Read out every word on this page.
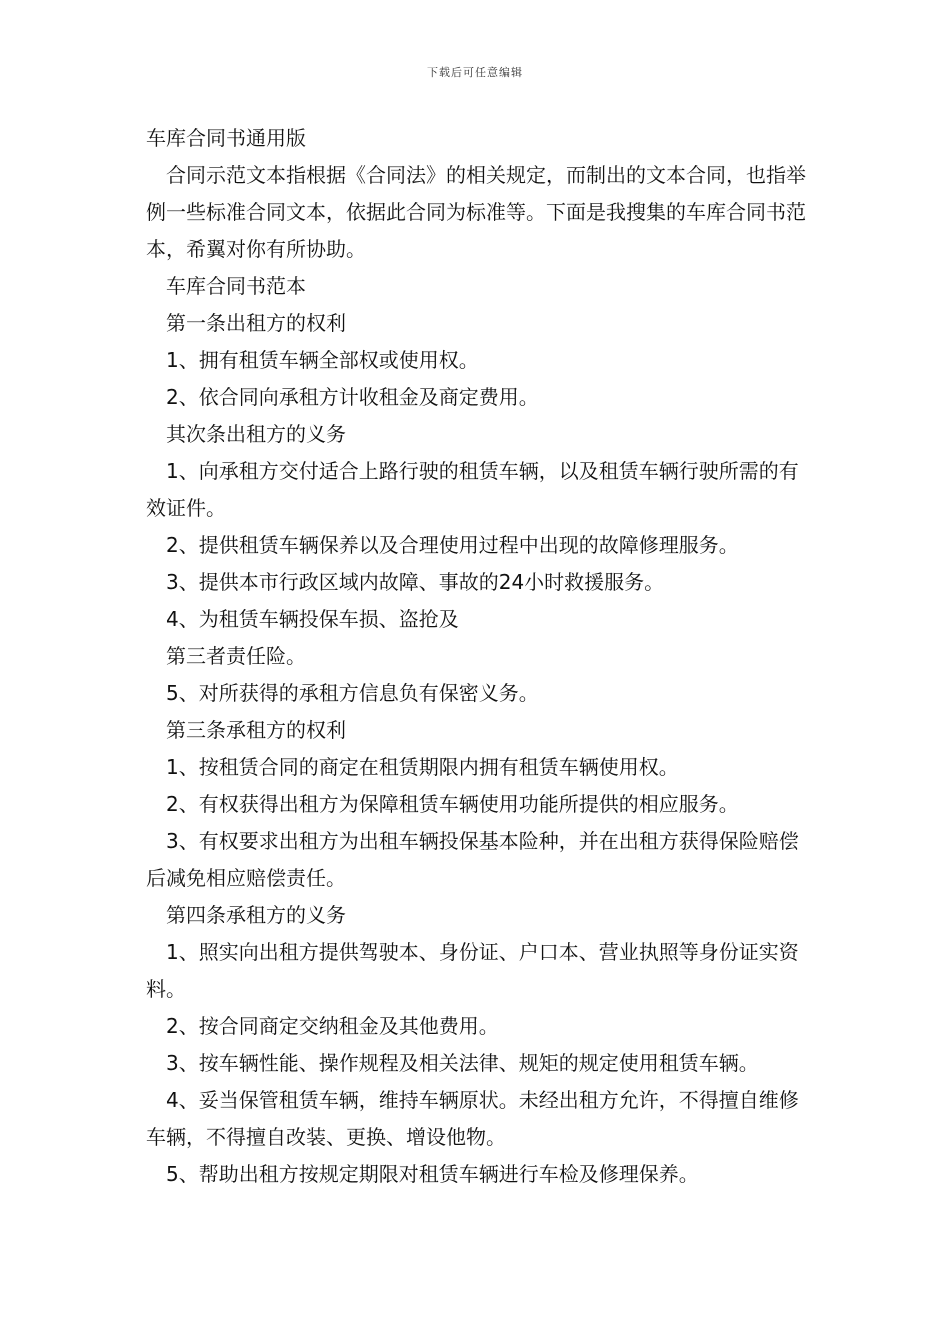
下载后可任意编辑

车库合同书通用版

合同示范文本指根据《合同法》的相关规定，而制出的文本合同，也指举例一些标准合同文本，依据此合同为标准等。下面是我搜集的车库合同书范本，希翼对你有所协助。

车库合同书范本

第一条出租方的权利

1、拥有租赁车辆全部权或使用权。

2、依合同向承租方计收租金及商定费用。

其次条出租方的义务

1、向承租方交付适合上路行驶的租赁车辆，以及租赁车辆行驶所需的有效证件。

2、提供租赁车辆保养以及合理使用过程中出现的故障修理服务。

3、提供本市行政区域内故障、事故的24小时救援服务。

4、为租赁车辆投保车损、盗抢及

第三者责任险。

5、对所获得的承租方信息负有保密义务。

第三条承租方的权利

1、按租赁合同的商定在租赁期限内拥有租赁车辆使用权。

2、有权获得出租方为保障租赁车辆使用功能所提供的相应服务。

3、有权要求出租方为出租车辆投保基本险种，并在出租方获得保险赔偿后减免相应赔偿责任。

第四条承租方的义务

1、照实向出租方提供驾驶本、身份证、户口本、营业执照等身份证实资料。

2、按合同商定交纳租金及其他费用。

3、按车辆性能、操作规程及相关法律、规矩的规定使用租赁车辆。

4、妥当保管租赁车辆，维持车辆原状。未经出租方允许，不得擅自维修车辆，不得擅自改装、更换、增设他物。

5、帮助出租方按规定期限对租赁车辆进行车检及修理保养。
